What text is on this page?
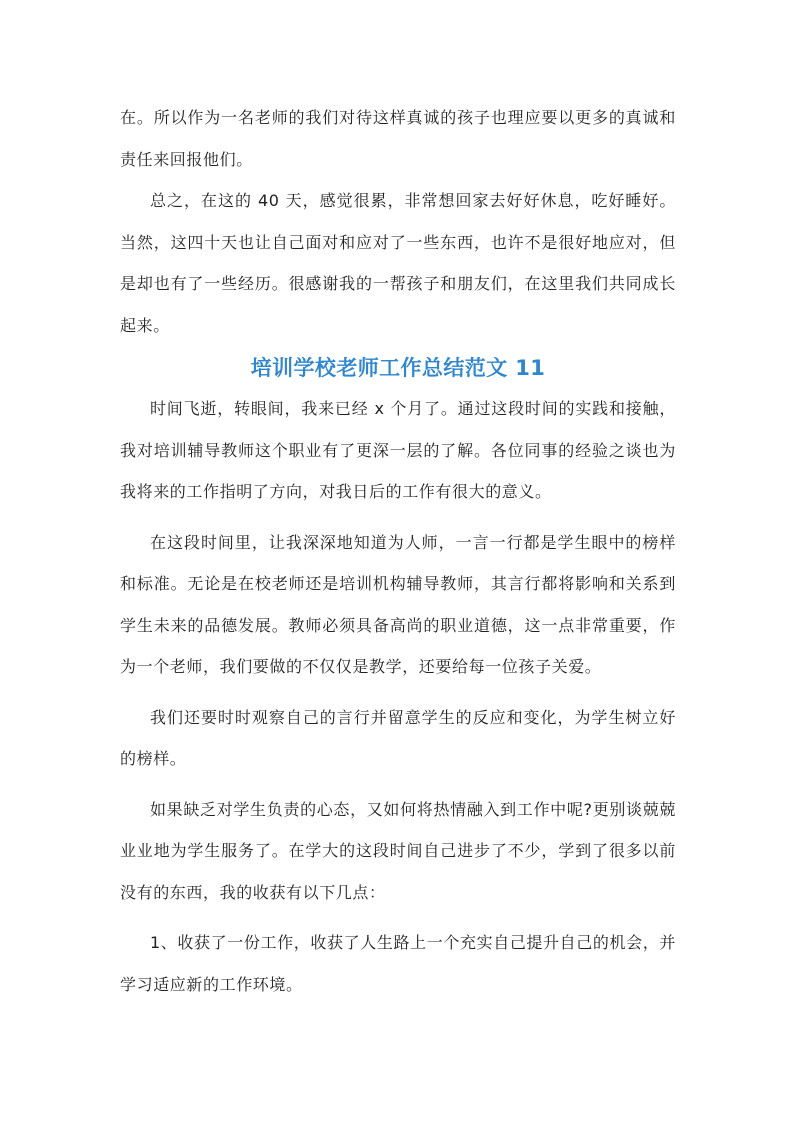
在。所以作为一名老师的我们对待这样真诚的孩子也理应要以更多的真诚和责任来回报他们。

总之，在这的 40 天，感觉很累，非常想回家去好好休息，吃好睡好。当然，这四十天也让自己面对和应对了一些东西，也许不是很好地应对，但是却也有了一些经历。很感谢我的一帮孩子和朋友们，在这里我们共同成长起来。

培训学校老师工作总结范文 11

时间飞逝，转眼间，我来已经 x 个月了。通过这段时间的实践和接触，我对培训辅导教师这个职业有了更深一层的了解。各位同事的经验之谈也为我将来的工作指明了方向，对我日后的工作有很大的意义。

在这段时间里，让我深深地知道为人师，一言一行都是学生眼中的榜样和标准。无论是在校老师还是培训机构辅导教师，其言行都将影响和关系到学生未来的品德发展。教师必须具备高尚的职业道德，这一点非常重要，作为一个老师，我们要做的不仅仅是教学，还要给每一位孩子关爱。

我们还要时时观察自己的言行并留意学生的反应和变化，为学生树立好的榜样。

如果缺乏对学生负责的心态，又如何将热情融入到工作中呢?更别谈兢兢业业地为学生服务了。在学大的这段时间自己进步了不少，学到了很多以前没有的东西，我的收获有以下几点：

1、收获了一份工作，收获了人生路上一个充实自己提升自己的机会，并学习适应新的工作环境。
